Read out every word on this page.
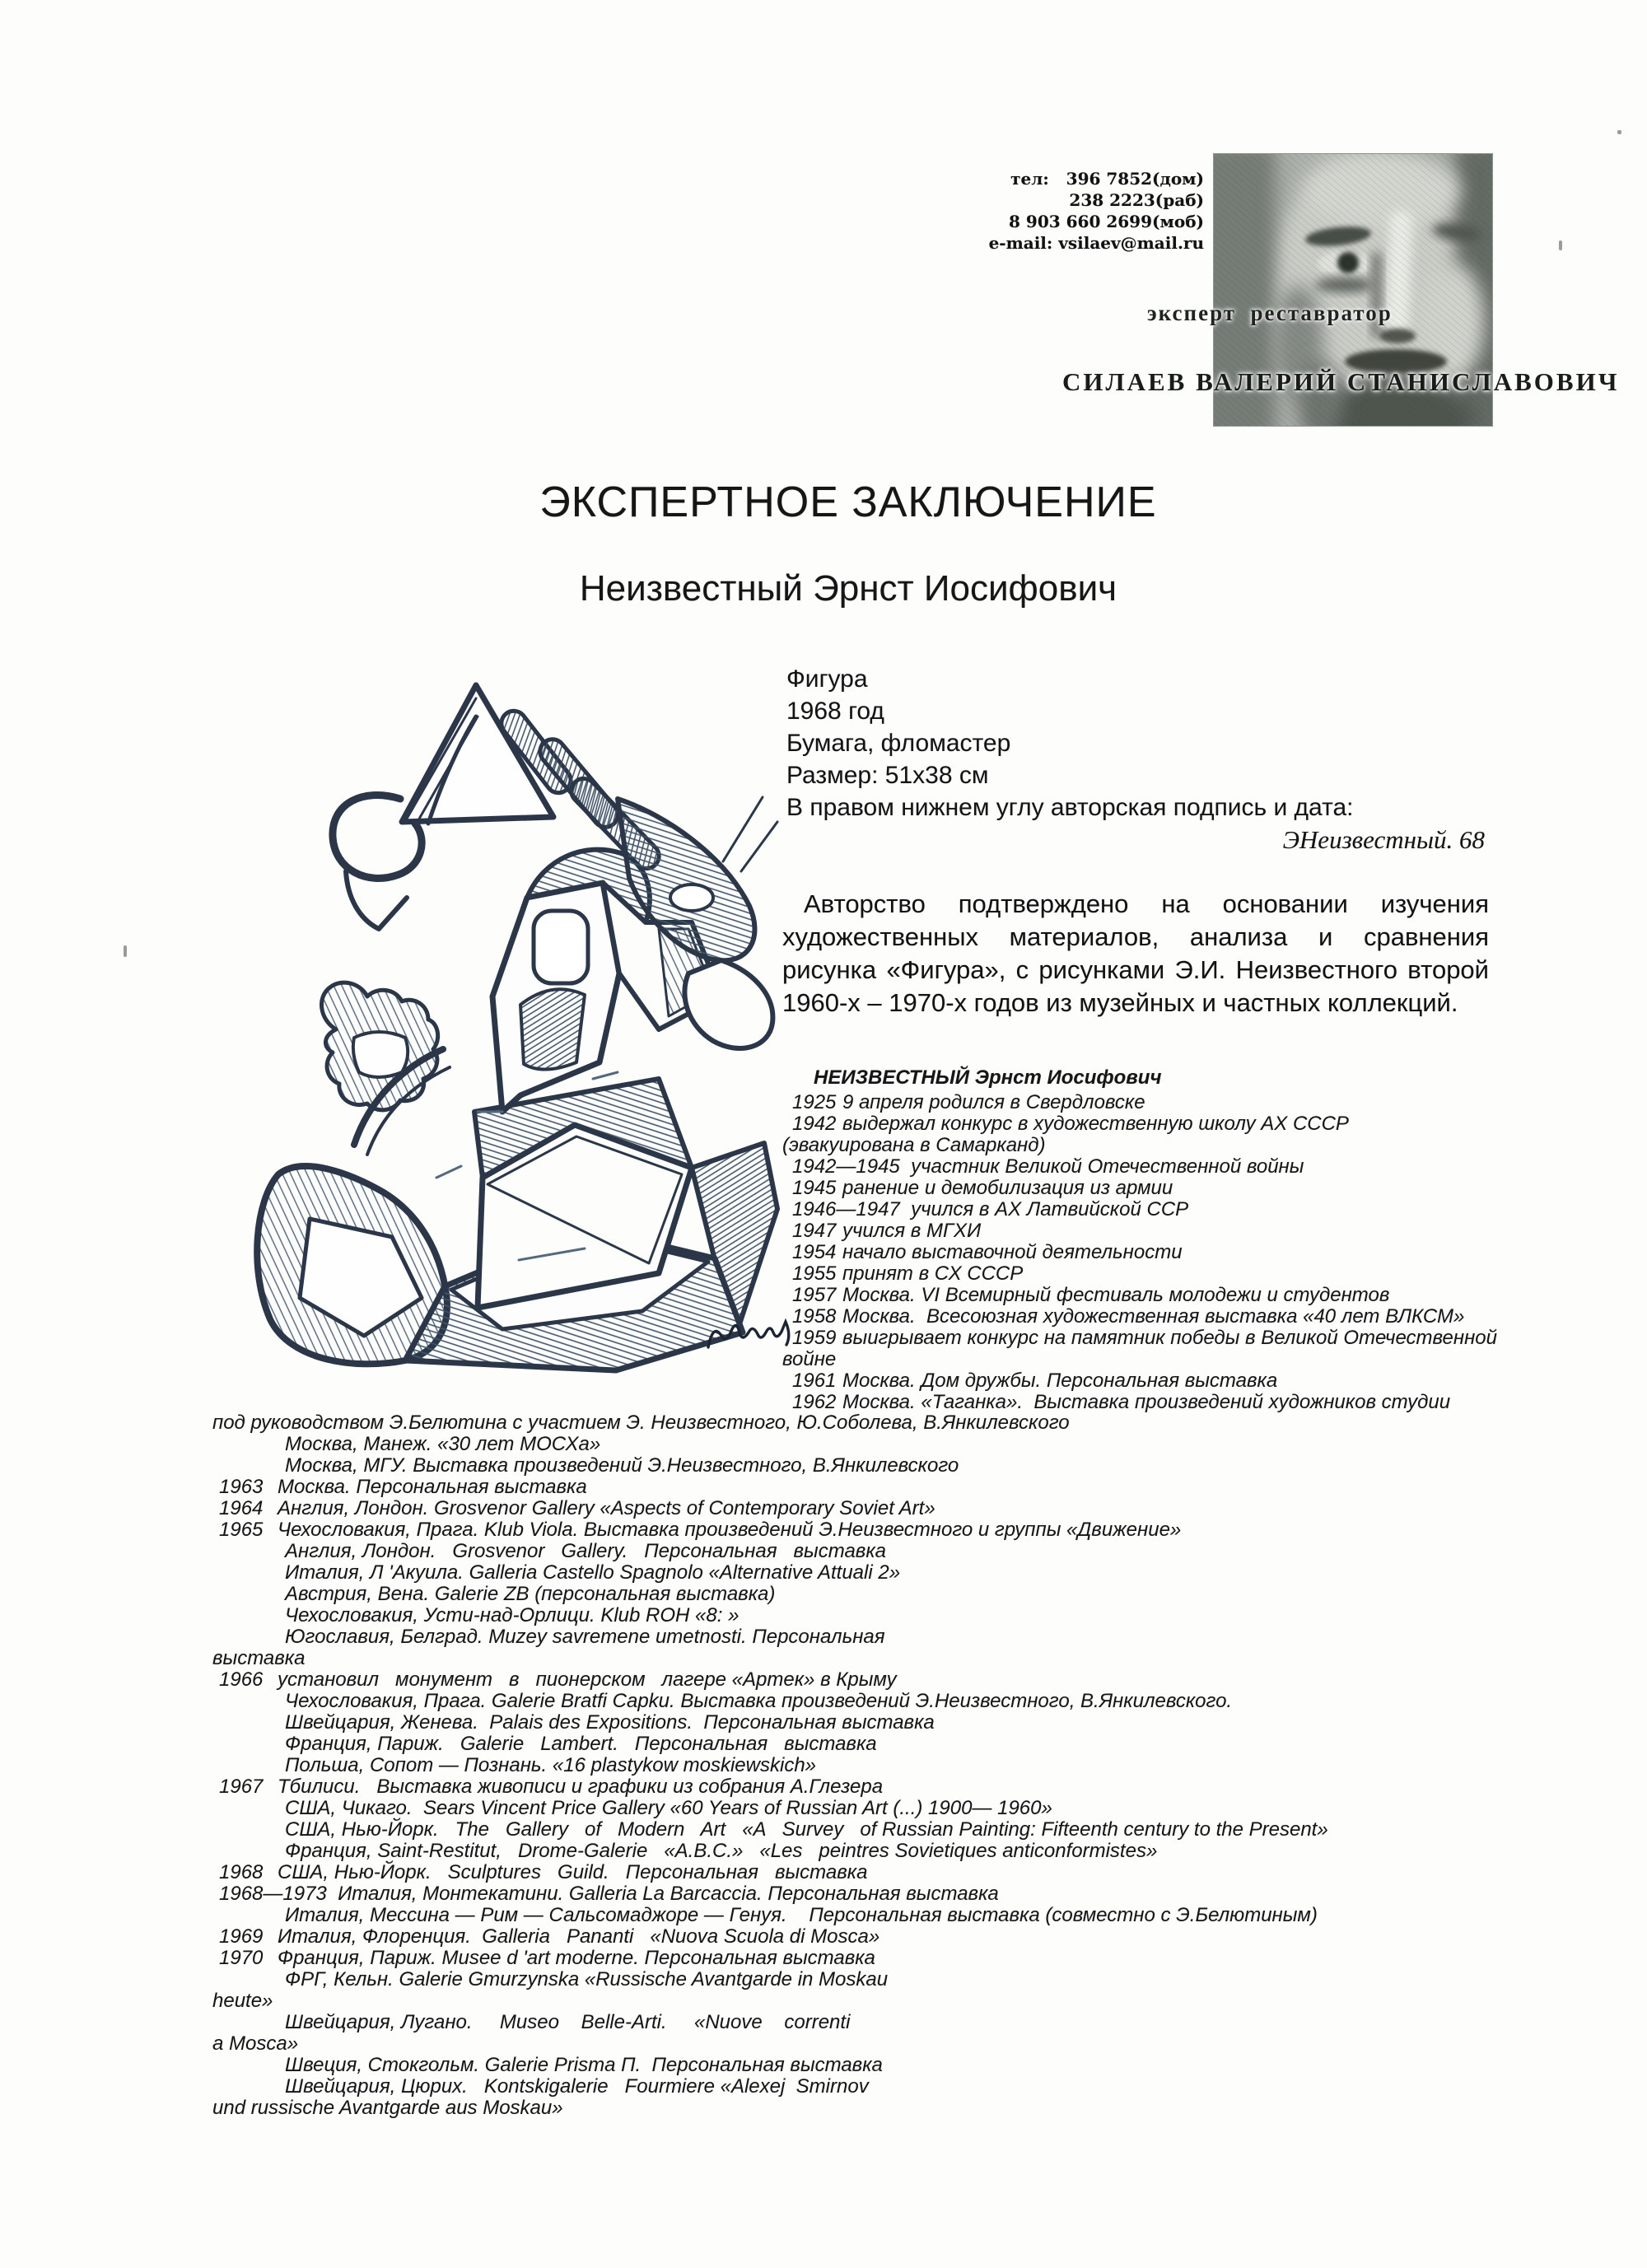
тел:   396 7852(дом)
238 2223(раб)
8 903 660 2699(моб)
e-mail: vsilaev@mail.ru
эксперт  реставратор
СИЛАЕВ ВАЛЕРИЙ СТАНИСЛАВОВИЧ
ЭКСПЕРТНОЕ ЗАКЛЮЧЕНИЕ
Неизвестный Эрнст Иосифович
Фигура
1968 год
Бумага, фломастер
Размер: 51х38 см
В правом нижнем углу авторская подпись и дата:
ЭНеизвестный. 68
Авторство подтверждено на основании изучения художественных материалов, анализа и сравнения рисунка «Фигура», с рисунками Э.И. Неизвестного второй 1960-х – 1970-х годов из музейных и частных коллекций.
НЕИЗВЕСТНЫЙ Эрнст Иосифович
1925 9 апреля родился в Свердловске
1942 выдержал конкурс в художественную школу АХ СССР
(эвакуирована в Самарканд)
1942—1945  участник Великой Отечественной войны
1945 ранение и демобилизация из армии
1946—1947  учился в АХ Латвийской ССР
1947 учился в МГХИ
1954 начало выставочной деятельности
1955 принят в СХ СССР
1957 Москва. VI Всемирный фестиваль молодежи и студентов
1958 Москва.  Всесоюзная художественная выставка «40 лет ВЛКСМ»
1959 выигрывает конкурс на памятник победы в Великой Отечественной
войне
1961 Москва. Дом дружбы. Персональная выставка
1962 Москва. «Таганка».  Выставка произведений художников студии
под руководством Э.Белютина с участием Э. Неизвестного, Ю.Соболева, В.Янкилевского
Москва, Манеж. «30 лет МОСХа»
Москва, МГУ. Выставка произведений Э.Неизвестного, В.Янкилевского
1963 Москва. Персональная выставка
1964 Англия, Лондон. Grosvenor Gallery «Aspects of Contemporary Soviet Art»
1965 Чехословакия, Прага. Klub Viola. Выставка произведений Э.Неизвестного и группы «Движение»
Англия, Лондон.   Grosvenor   Gallery.   Персональная   выставка
Италия, Л 'Акуила. Galleria Castello Spagnolo «Alternative Attuali 2»
Австрия, Вена. Galerie ZB (персональная выставка)
Чехословакия, Усти-над-Орлици. Klub ROH «8: »
Югославия, Белград. Muzey savremene umetnosti. Персональная
выставка
1966 установил   монумент   в   пионерском   лагере «Артек» в Крыму
Чехословакия, Прага. Galerie Bratfi Capku. Выставка произведений Э.Неизвестного, В.Янкилевского.
Швейцария, Женева.  Palais des Expositions.  Персональная выставка
Франция, Париж.   Galerie   Lambert.   Персональная   выставка
Польша, Сопот — Познань. «16 plastykow moskiewskich»
1967 Тбилиси.   Выставка живописи и графики из собрания А.Глезера
США, Чикаго.  Sears Vincent Price Gallery «60 Years of Russian Art (...) 1900— 1960»
США, Нью-Йорк.   The   Gallery   of   Modern   Art   «A   Survey   of Russian Painting: Fifteenth century to the Present»
Франция, Saint-Restitut,   Drome-Galerie   «A.B.C.»   «Les   peintres Sovietiques anticonformistes»
1968 США, Нью-Йорк.   Sculptures   Guild.   Персональная   выставка
1968—1973  Италия, Монтекатини. Galleria La Barcaccia. Персональная выставка
Италия, Мессина — Рим — Сальсомаджоре — Генуя.    Персональная выставка (совместно с Э.Белютиным)
1969 Италия, Флоренция.  Galleria   Pananti   «Nuova Scuola di Mosca»
1970 Франция, Париж. Musee d 'art moderne. Персональная выставка
ФРГ, Кельн. Galerie Gmurzynska «Russische Avantgarde in Moskau
heute»
Швейцария, Лугано.     Museo    Belle-Arti.     «Nuove    correnti
a Mosca»
Швеция, Стокгольм. Galerie Prisma П.  Персональная выставка
Швейцария, Цюрих.   Kontskigalerie   Fourmiere «Alexej  Smirnov
und russische Avantgarde aus Moskau»
